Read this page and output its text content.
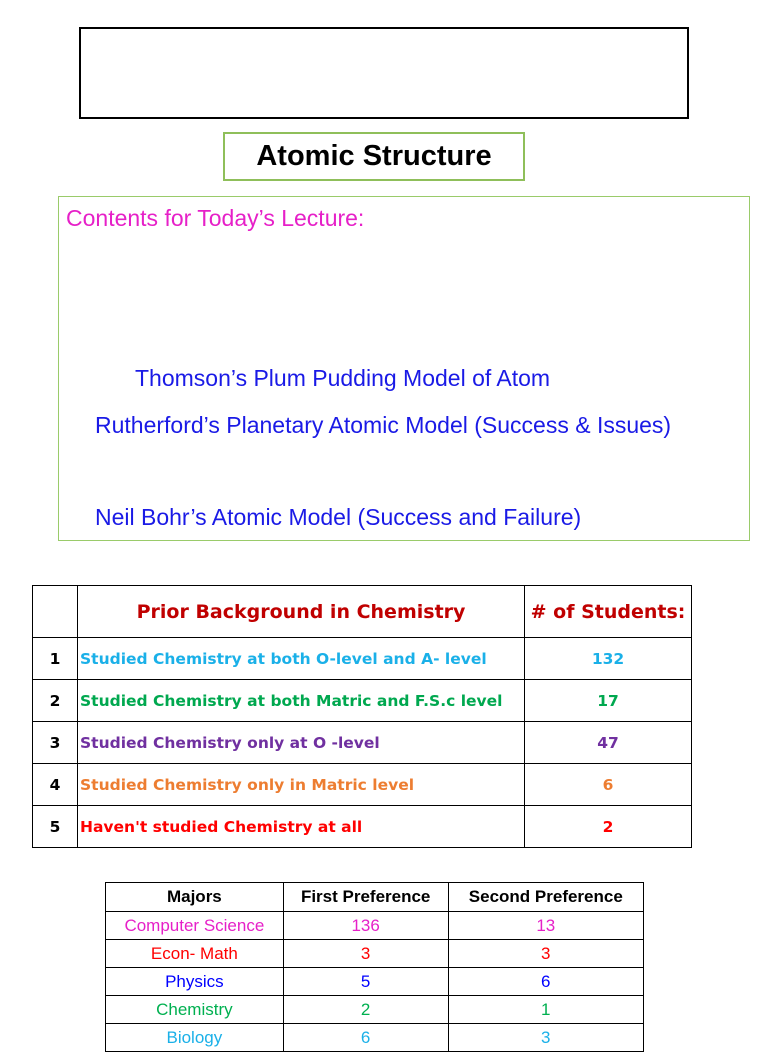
Atomic Structure
Contents for Today’s Lecture:
Thomson’s Plum Pudding Model of Atom
Rutherford’s Planetary Atomic Model (Success & Issues)
Neil Bohr’s Atomic Model (Success and Failure)
	Prior Background in Chemistry	# of Students:
1	Studied Chemistry at both O-level and A- level	132
2	Studied Chemistry at both Matric and F.S.c level	17
3	Studied Chemistry only at O -level	47
4	Studied Chemistry only in Matric level	6
5	Haven't studied Chemistry at all	2
Majors	First Preference	Second Preference
Computer Science	136	13
Econ- Math	3	3
Physics	5	6
Chemistry	2	1
Biology	6	3
